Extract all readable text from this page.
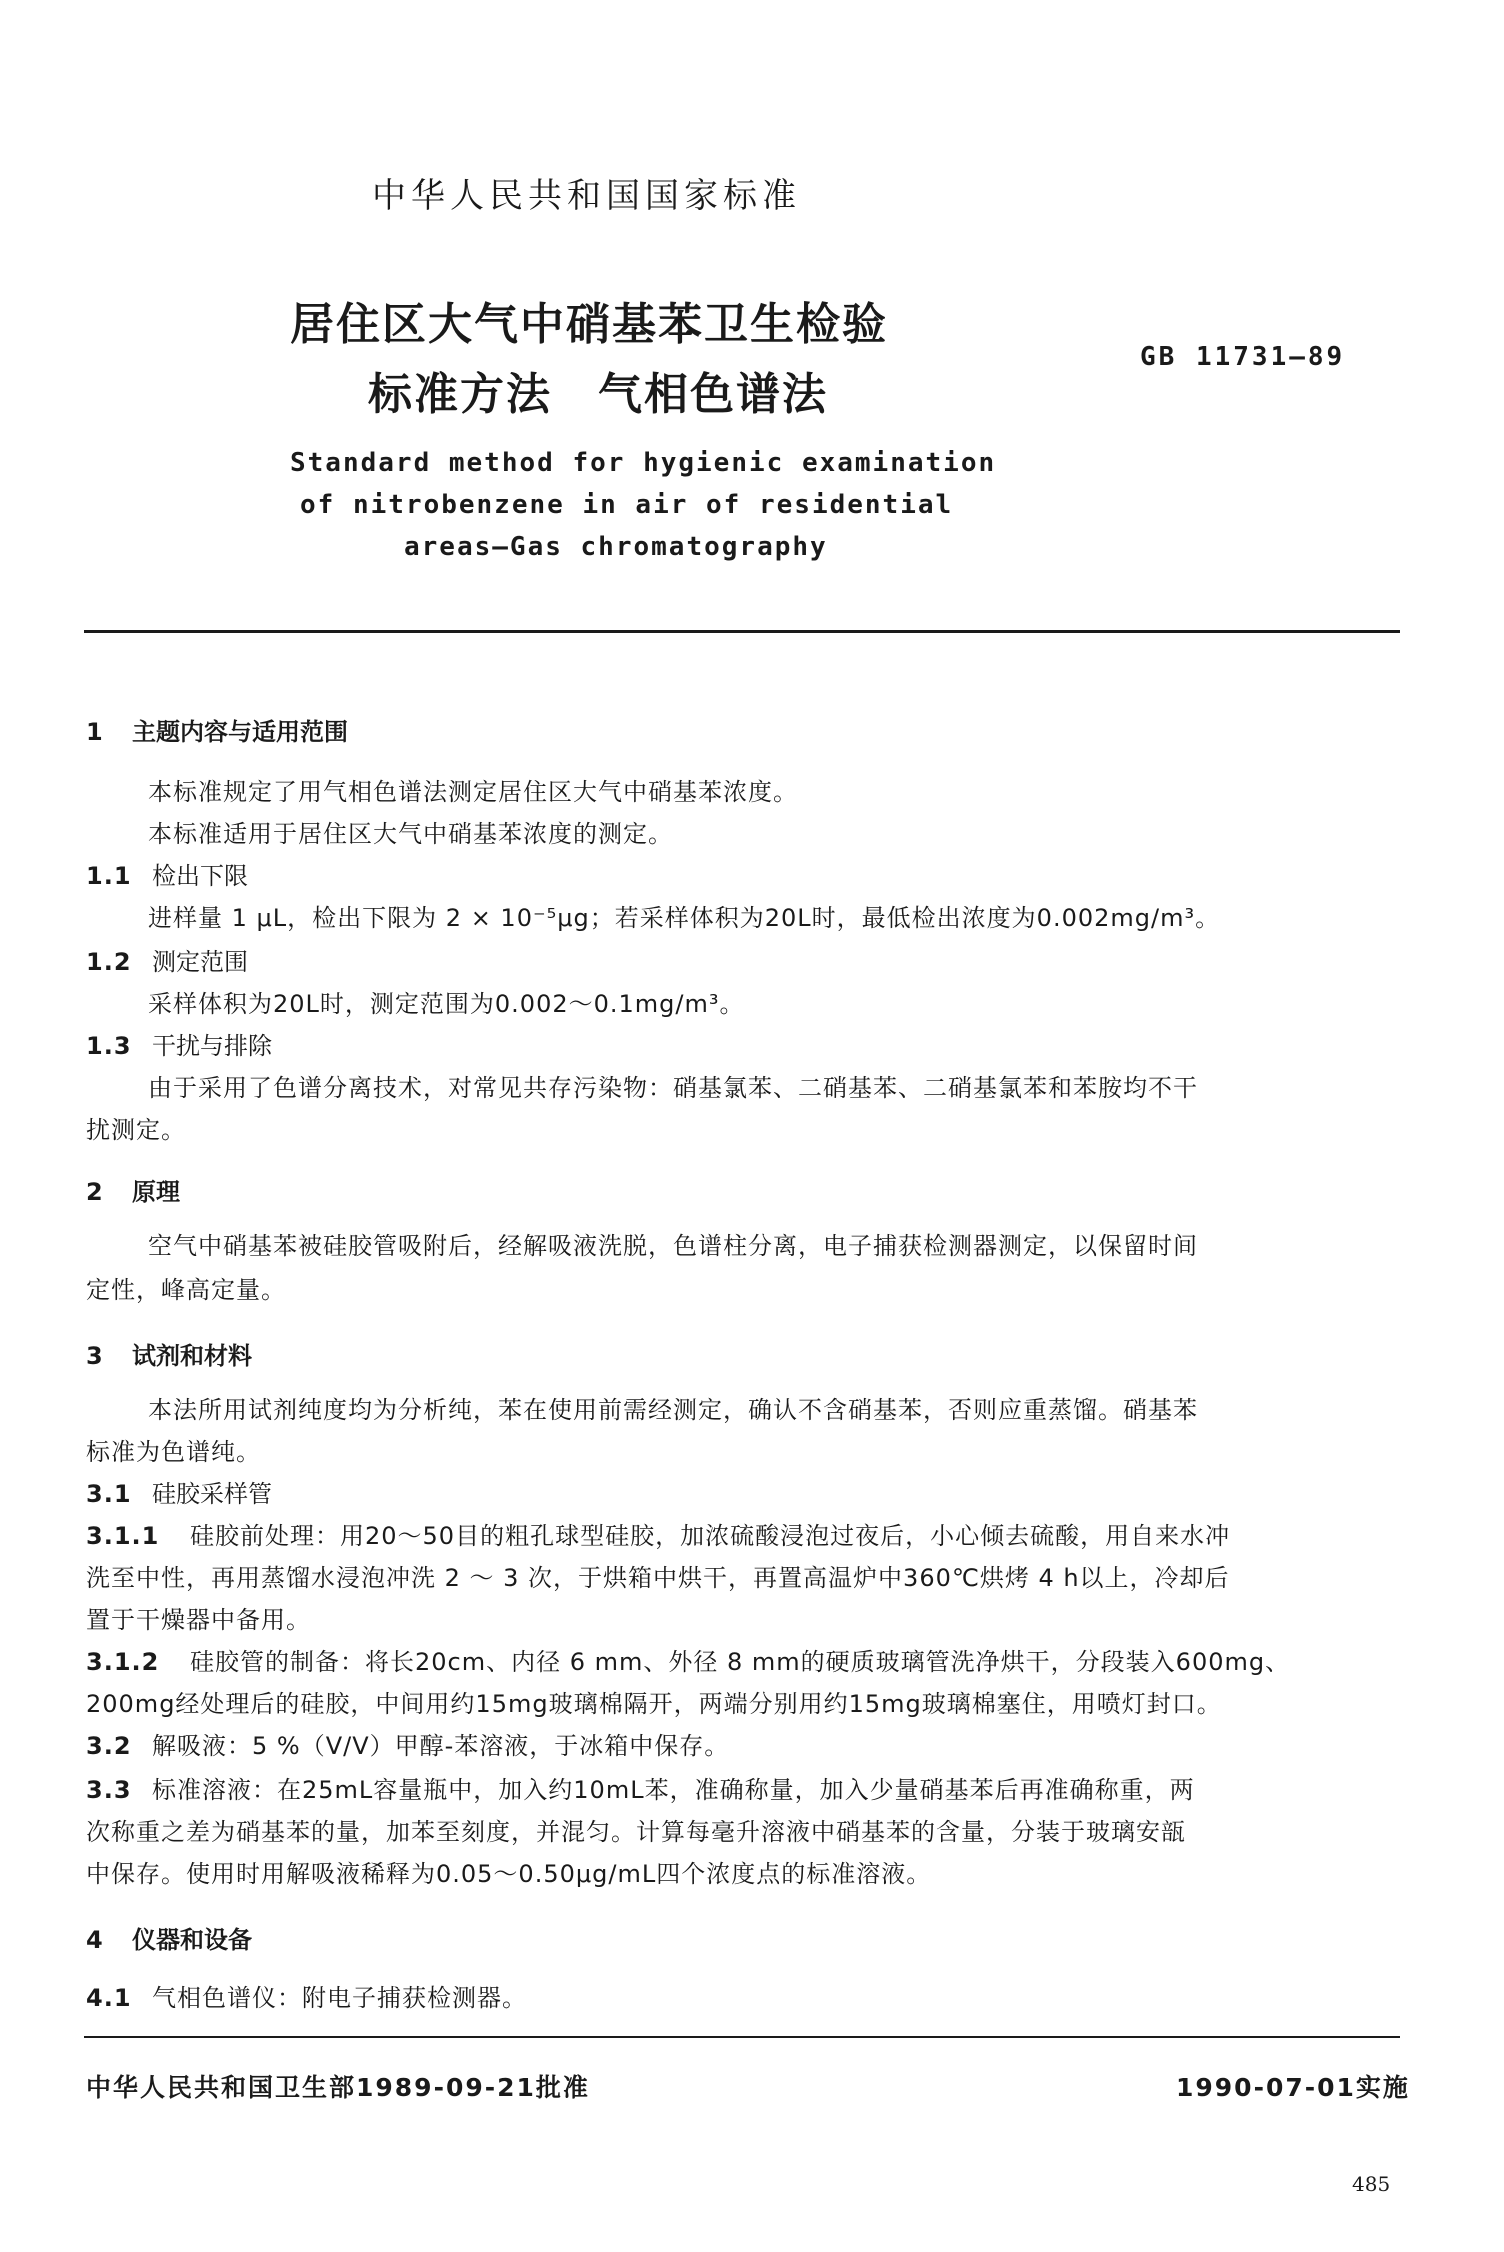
中华人民共和国国家标准
居住区大气中硝基苯卫生检验
标准方法　气相色谱法
GB 11731—89
Standard method for hygienic examination
of nitrobenzene in air of residential
areas—Gas chromatography
1 主题内容与适用范围
本标准规定了用气相色谱法测定居住区大气中硝基苯浓度。
本标准适用于居住区大气中硝基苯浓度的测定。
1.1 检出下限
进样量 1 μL，检出下限为 2 × 10⁻⁵μg；若采样体积为20L时，最低检出浓度为0.002mg/m³。
1.2 测定范围
采样体积为20L时，测定范围为0.002～0.1mg/m³。
1.3 干扰与排除
由于采用了色谱分离技术，对常见共存污染物：硝基氯苯、二硝基苯、二硝基氯苯和苯胺均不干
扰测定。
2 原理
空气中硝基苯被硅胶管吸附后，经解吸液洗脱，色谱柱分离，电子捕获检测器测定，以保留时间
定性，峰高定量。
3 试剂和材料
本法所用试剂纯度均为分析纯，苯在使用前需经测定，确认不含硝基苯，否则应重蒸馏。硝基苯
标准为色谱纯。
3.1 硅胶采样管
3.1.1 硅胶前处理：用20～50目的粗孔球型硅胶，加浓硫酸浸泡过夜后，小心倾去硫酸，用自来水冲
洗至中性，再用蒸馏水浸泡冲洗 2 ～ 3 次，于烘箱中烘干，再置高温炉中360℃烘烤 4 h以上，冷却后
置于干燥器中备用。
3.1.2 硅胶管的制备：将长20cm、内径 6 mm、外径 8 mm的硬质玻璃管洗净烘干，分段装入600mg、
200mg经处理后的硅胶，中间用约15mg玻璃棉隔开，两端分别用约15mg玻璃棉塞住，用喷灯封口。
3.2 解吸液：5 %（V/V）甲醇-苯溶液，于冰箱中保存。
3.3 标准溶液：在25mL容量瓶中，加入约10mL苯，准确称量，加入少量硝基苯后再准确称重，两
次称重之差为硝基苯的量，加苯至刻度，并混匀。计算每毫升溶液中硝基苯的含量，分装于玻璃安瓿
中保存。使用时用解吸液稀释为0.05～0.50μg/mL四个浓度点的标准溶液。
4 仪器和设备
4.1 气相色谱仪：附电子捕获检测器。
中华人民共和国卫生部1989-09-21批准	1990-07-01实施
485
